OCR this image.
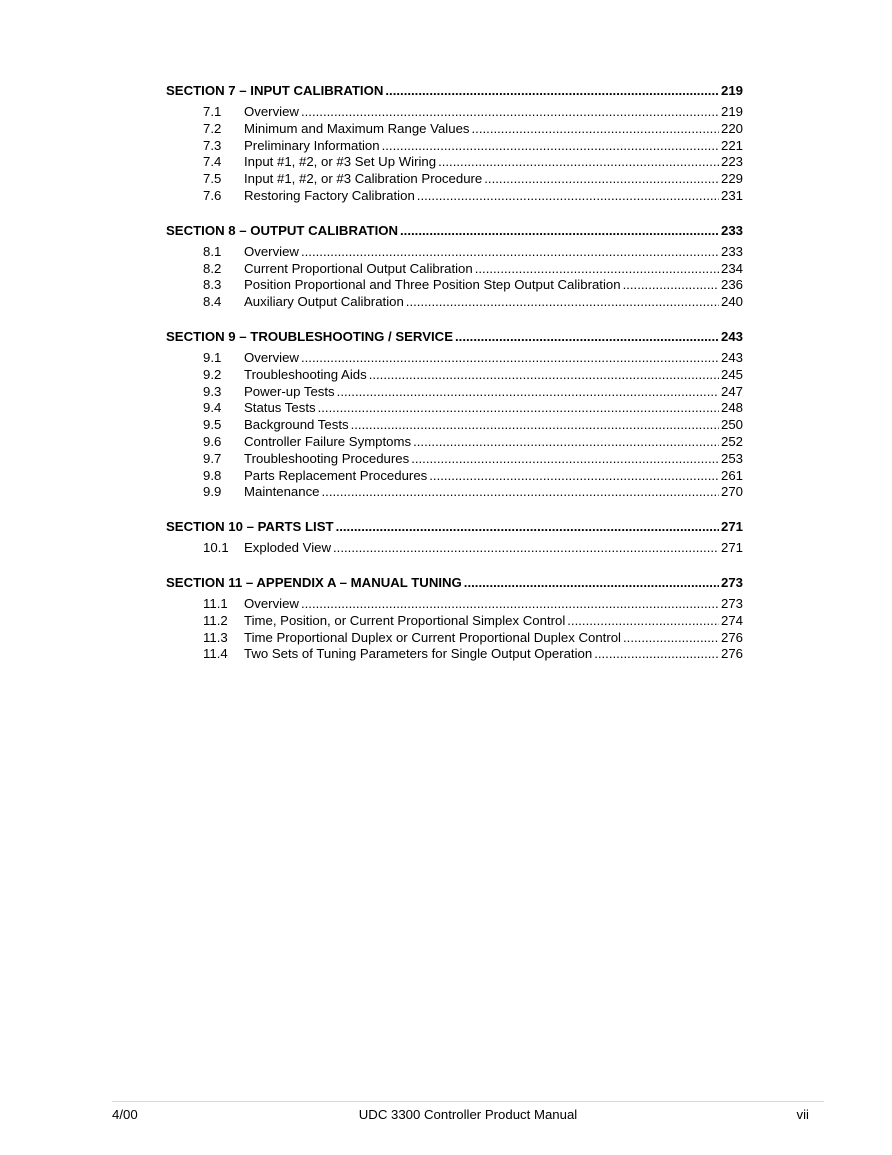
SECTION 7 – INPUT CALIBRATION .....	219
7.1	Overview .....	219
7.2	Minimum and Maximum Range Values .....	220
7.3	Preliminary Information .....	221
7.4	Input #1, #2, or #3 Set Up Wiring .....	223
7.5	Input #1, #2, or #3 Calibration Procedure .....	229
7.6	Restoring Factory Calibration .....	231
SECTION 8 – OUTPUT CALIBRATION .....	233
8.1	Overview .....	233
8.2	Current Proportional Output Calibration .....	234
8.3	Position Proportional and Three Position Step Output Calibration .....	236
8.4	Auxiliary Output Calibration .....	240
SECTION 9 – TROUBLESHOOTING / SERVICE .....	243
9.1	Overview .....	243
9.2	Troubleshooting Aids .....	245
9.3	Power-up Tests .....	247
9.4	Status Tests .....	248
9.5	Background Tests .....	250
9.6	Controller Failure Symptoms .....	252
9.7	Troubleshooting Procedures .....	253
9.8	Parts Replacement Procedures .....	261
9.9	Maintenance .....	270
SECTION 10 – PARTS LIST .....	271
10.1	Exploded View .....	271
SECTION 11 – APPENDIX A – MANUAL TUNING .....	273
11.1	Overview .....	273
11.2	Time, Position, or Current Proportional Simplex Control .....	274
11.3	Time Proportional Duplex or Current Proportional Duplex Control .....	276
11.4	Two Sets of Tuning Parameters for Single Output Operation .....	276
4/00	UDC 3300 Controller Product Manual	vii
